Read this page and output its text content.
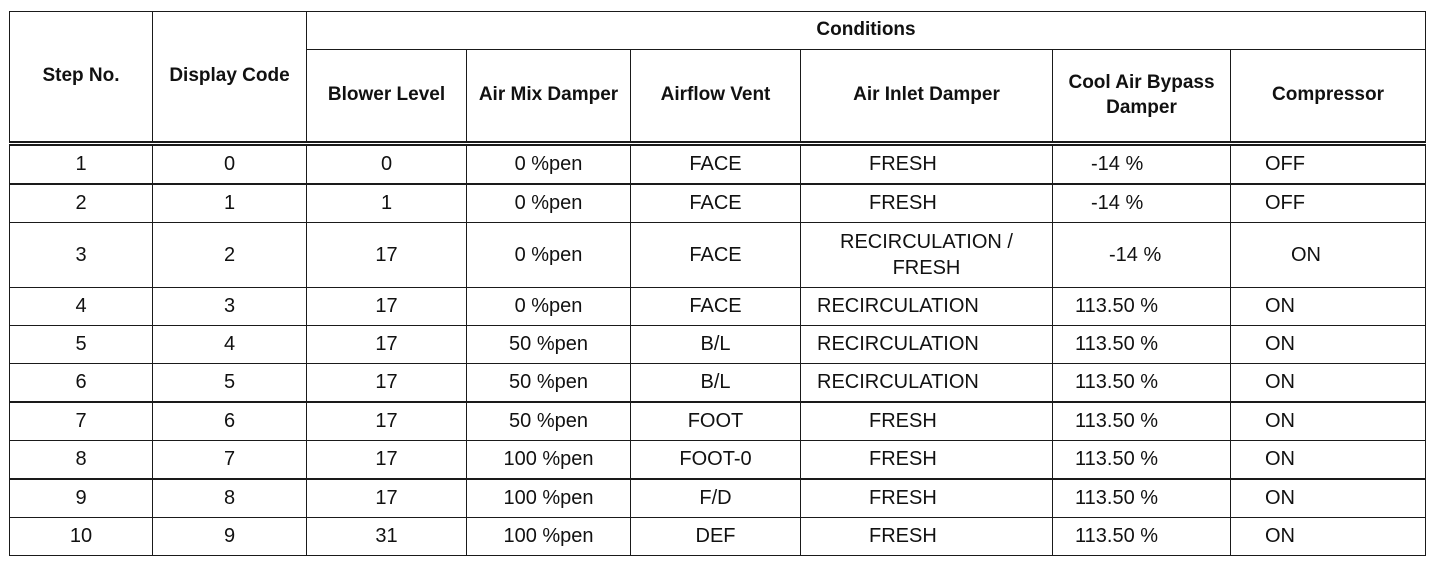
Step No.	Display Code	Conditions					
		Blower Level	Air Mix Damper	Airflow Vent	Air Inlet Damper	Cool Air Bypass Damper	Compressor
1	0	0	0 %pen	FACE	FRESH	-14 %	OFF
2	1	1	0 %pen	FACE	FRESH	-14 %	OFF
3	2	17	0 %pen	FACE	RECIRCULATION / FRESH	-14 %	ON
4	3	17	0 %pen	FACE	RECIRCULATION	113.50 %	ON
5	4	17	50 %pen	B/L	RECIRCULATION	113.50 %	ON
6	5	17	50 %pen	B/L	RECIRCULATION	113.50 %	ON
7	6	17	50 %pen	FOOT	FRESH	113.50 %	ON
8	7	17	100 %pen	FOOT-0	FRESH	113.50 %	ON
9	8	17	100 %pen	F/D	FRESH	113.50 %	ON
10	9	31	100 %pen	DEF	FRESH	113.50 %	ON
